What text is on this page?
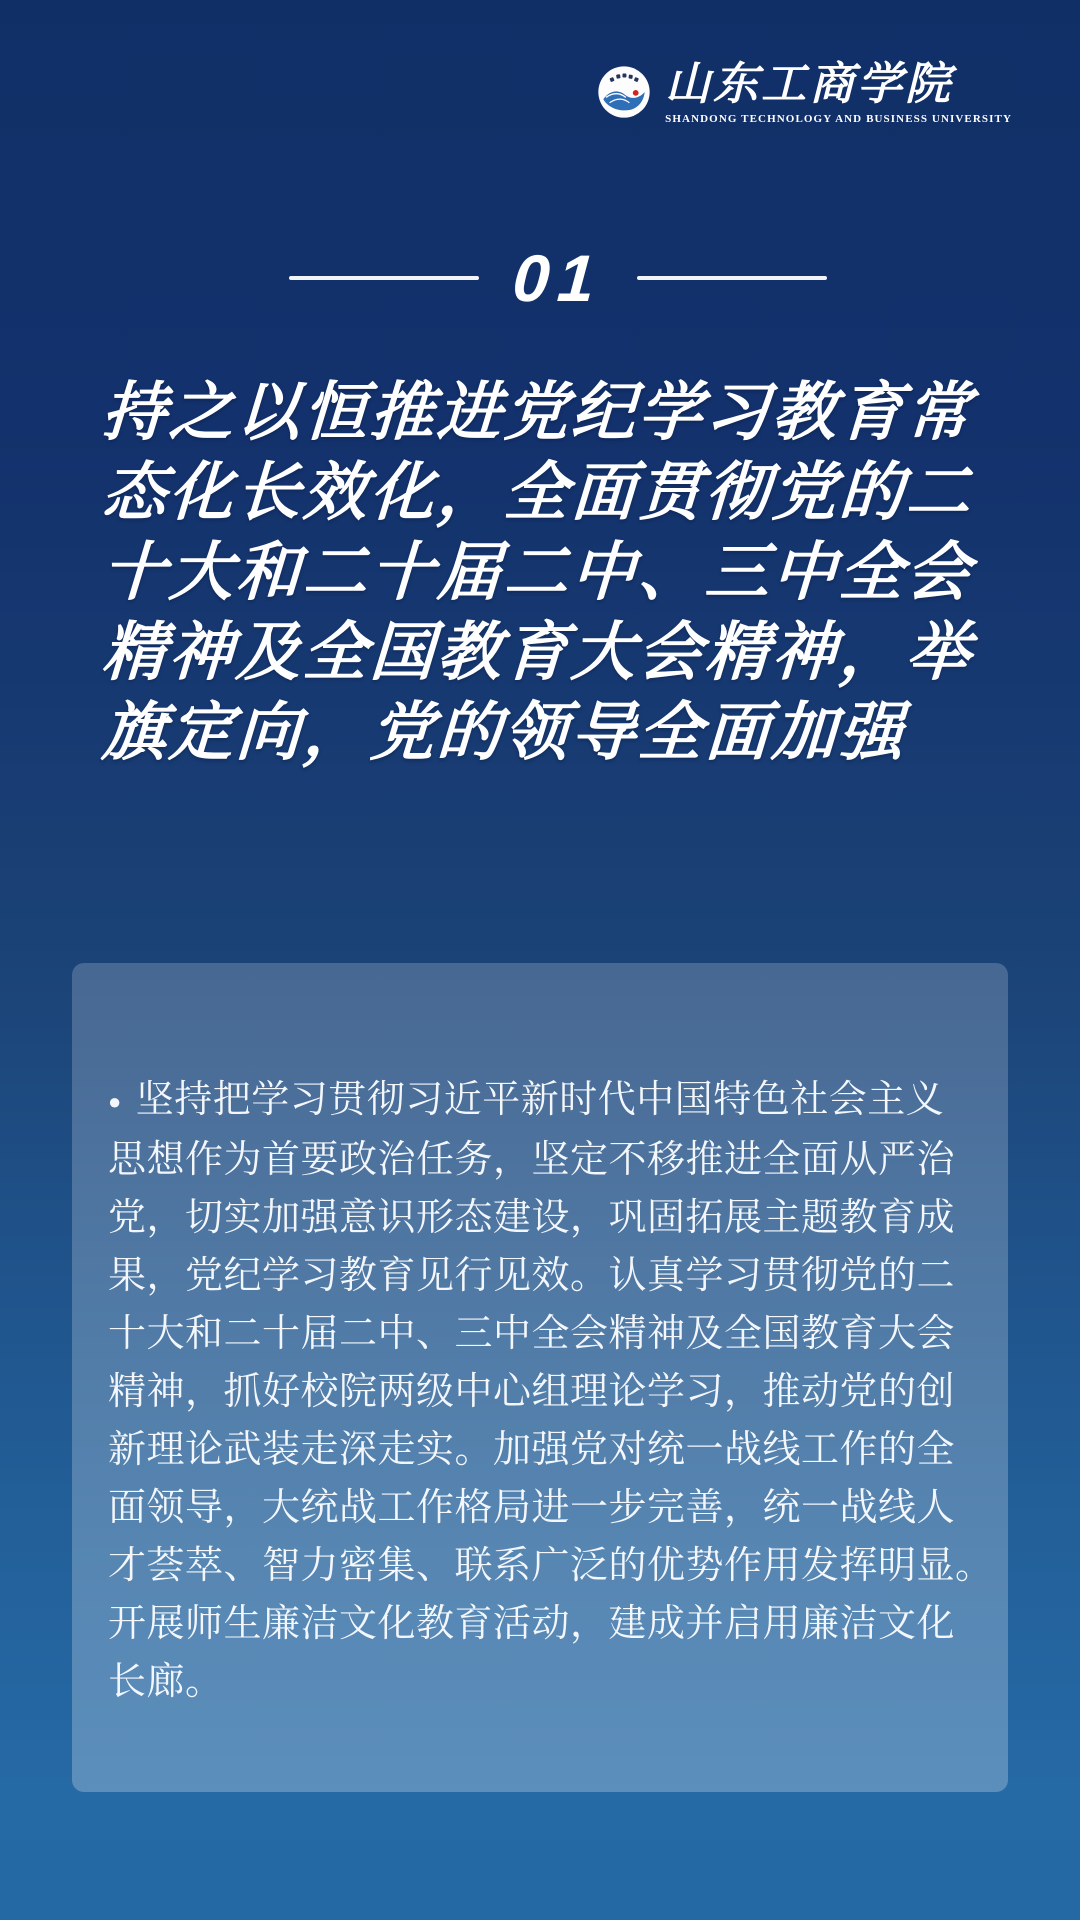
山东工商学院
SHANDONG TECHNOLOGY AND BUSINESS UNIVERSITY
01
持之以恒推进党纪学习教育常
态化长效化，全面贯彻党的二
十大和二十届二中、三中全会
精神及全国教育大会精神，举
旗定向，党的领导全面加强
● 坚持把学习贯彻习近平新时代中国特色社会主义
思想作为首要政治任务，坚定不移推进全面从严治
党，切实加强意识形态建设，巩固拓展主题教育成
果，党纪学习教育见行见效。认真学习贯彻党的二
十大和二十届二中、三中全会精神及全国教育大会
精神，抓好校院两级中心组理论学习，推动党的创
新理论武装走深走实。加强党对统一战线工作的全
面领导，大统战工作格局进一步完善，统一战线人
才荟萃、智力密集、联系广泛的优势作用发挥明显。
开展师生廉洁文化教育活动，建成并启用廉洁文化
长廊。
